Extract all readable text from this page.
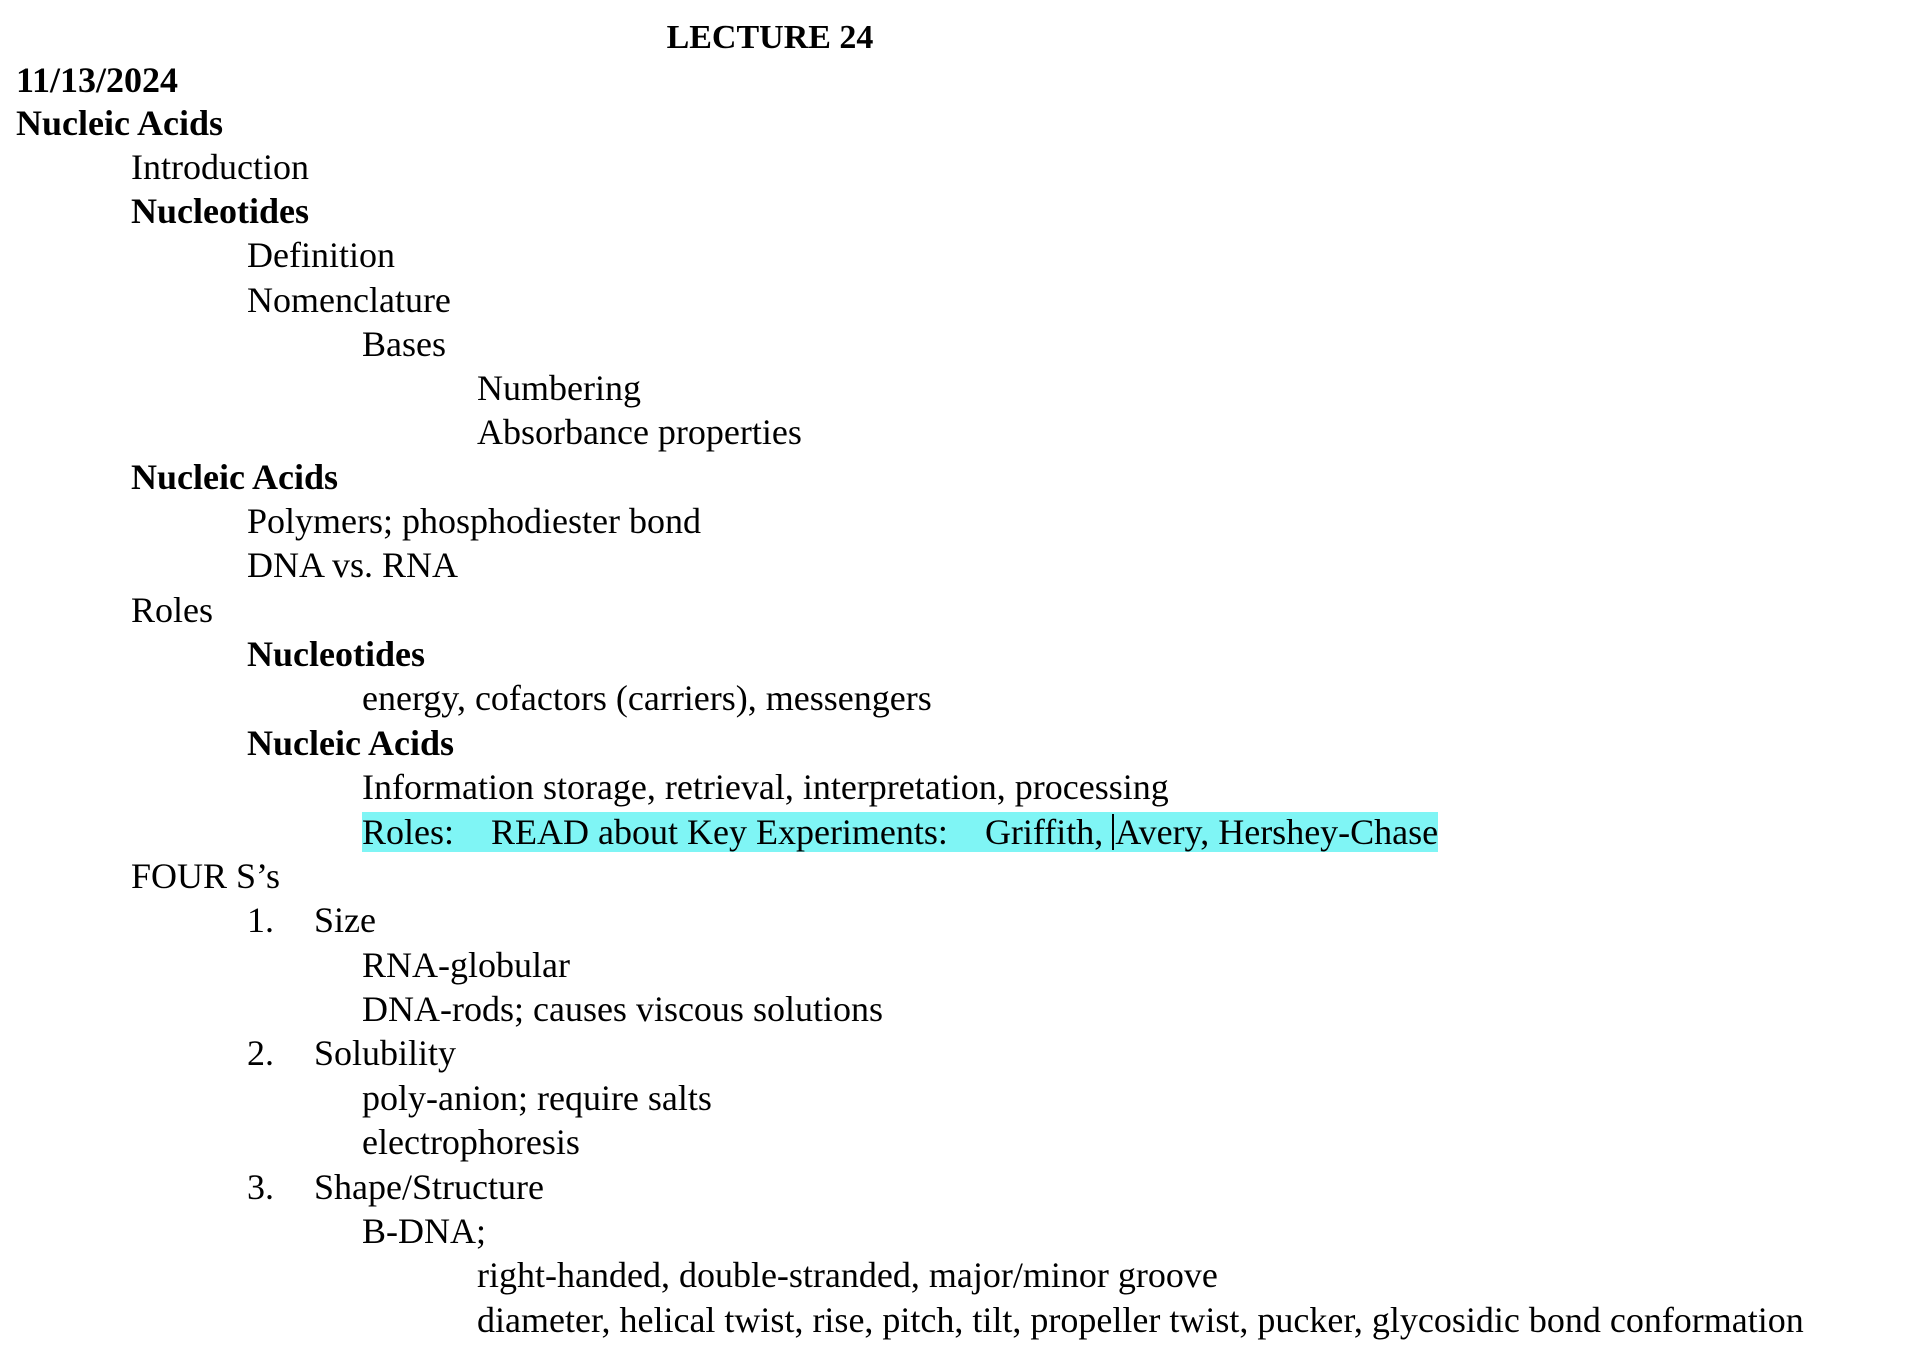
LECTURE 24
11/13/2024
Nucleic Acids
Introduction
Nucleotides
Definition
Nomenclature
Bases
Numbering
Absorbance properties
Nucleic Acids
Polymers; phosphodiester bond
DNA vs. RNA
Roles
Nucleotides
energy, cofactors (carriers), messengers
Nucleic Acids
Information storage, retrieval, interpretation, processing
Roles: READ about Key Experiments: Griffith, Avery, Hershey-Chase
FOUR S’s
1. Size
RNA-globular
DNA-rods; causes viscous solutions
2. Solubility
poly-anion; require salts
electrophoresis
3. Shape/Structure
B-DNA;
right-handed, double-stranded, major/minor groove
diameter, helical twist, rise, pitch, tilt, propeller twist, pucker, glycosidic bond conformation
